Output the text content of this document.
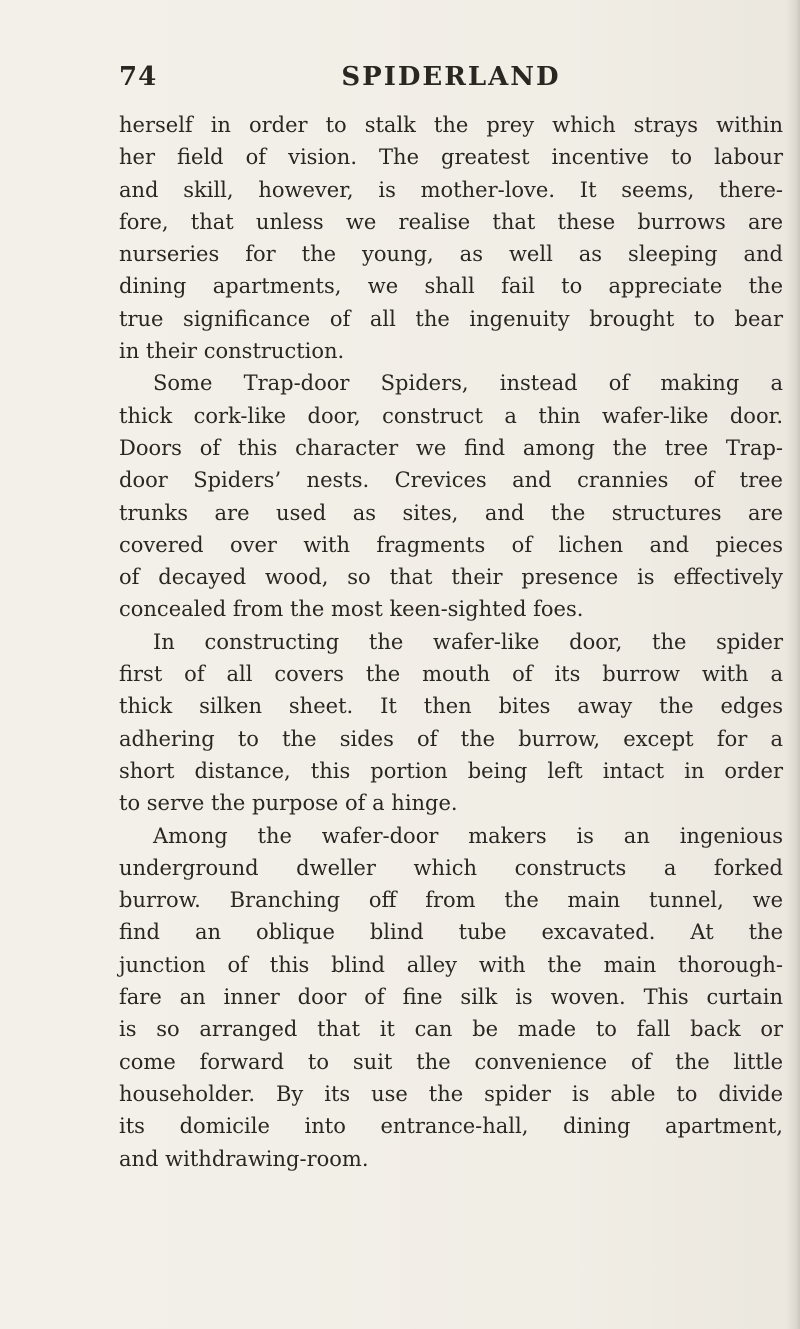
74	SPIDERLAND
herself in order to stalk the prey which strays within
her field of vision. The greatest incentive to labour
and skill, however, is mother-love. It seems, there-
fore, that unless we realise that these burrows are
nurseries for the young, as well as sleeping and
dining apartments, we shall fail to appreciate the
true significance of all the ingenuity brought to bear
in their construction.
Some Trap-door Spiders, instead of making a
thick cork-like door, construct a thin wafer-like door.
Doors of this character we find among the tree Trap-
door Spiders’ nests. Crevices and crannies of tree
trunks are used as sites, and the structures are
covered over with fragments of lichen and pieces
of decayed wood, so that their presence is effectively
concealed from the most keen-sighted foes.
In constructing the wafer-like door, the spider
first of all covers the mouth of its burrow with a
thick silken sheet. It then bites away the edges
adhering to the sides of the burrow, except for a
short distance, this portion being left intact in order
to serve the purpose of a hinge.
Among the wafer-door makers is an ingenious
underground dweller which constructs a forked
burrow. Branching off from the main tunnel, we
find an oblique blind tube excavated. At the
junction of this blind alley with the main thorough-
fare an inner door of fine silk is woven. This curtain
is so arranged that it can be made to fall back or
come forward to suit the convenience of the little
householder. By its use the spider is able to divide
its domicile into entrance-hall, dining apartment,
and withdrawing-room.
